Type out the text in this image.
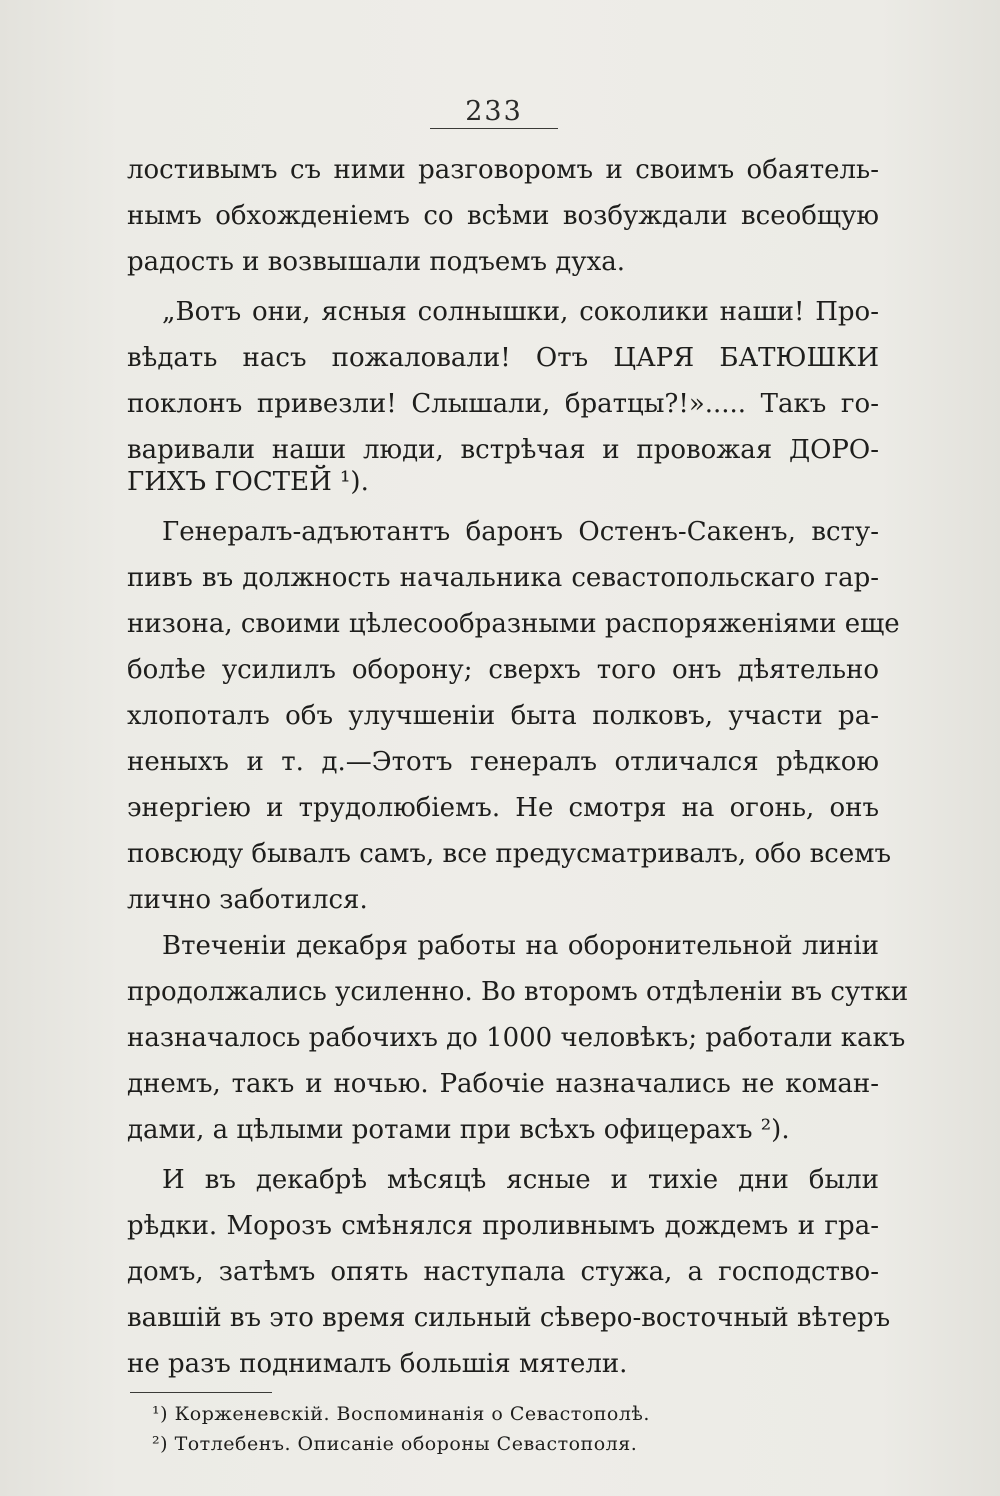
233
лостивымъ съ ними разговоромъ и своимъ обаятель-
нымъ обхожденіемъ со всѣми возбуждали всеобщую
радость и возвышали подъемъ духа.
„Вотъ они, ясныя солнышки, соколики наши! Про-
вѣдать насъ пожаловали! Отъ ЦАРЯ БАТЮШКИ
поклонъ привезли! Слышали, братцы?!»..... Такъ го-
варивали наши люди, встрѣчая и провожая ДОРО-
ГИХЪ ГОСТЕЙ ¹).
Генералъ-адъютантъ баронъ Остенъ-Сакенъ, всту-
пивъ въ должность начальника севастопольскаго гар-
низона, своими цѣлесообразными распоряженіями еще
болѣе усилилъ оборону; сверхъ того онъ дѣятельно
хлопоталъ объ улучшеніи быта полковъ, участи ра-
неныхъ и т. д.—Этотъ генералъ отличался рѣдкою
энергіею и трудолюбіемъ. Не смотря на огонь, онъ
повсюду бывалъ самъ, все предусматривалъ, обо всемъ
лично заботился.
Втеченіи декабря работы на оборонительной линіи
продолжались усиленно. Во второмъ отдѣленіи въ сутки
назначалось рабочихъ до 1000 человѣкъ; работали какъ
днемъ, такъ и ночью. Рабочіе назначались не коман-
дами, а цѣлыми ротами при всѣхъ офицерахъ ²).
И въ декабрѣ мѣсяцѣ ясные и тихіе дни были
рѣдки. Морозъ смѣнялся проливнымъ дождемъ и гра-
домъ, затѣмъ опять наступала стужа, а господство-
вавшій въ это время сильный сѣверо-восточный вѣтеръ
не разъ поднималъ большія мятели.
¹) Корженевскій. Воспоминанія о Севастополѣ.
²) Тотлебенъ. Описаніе обороны Севастополя.
